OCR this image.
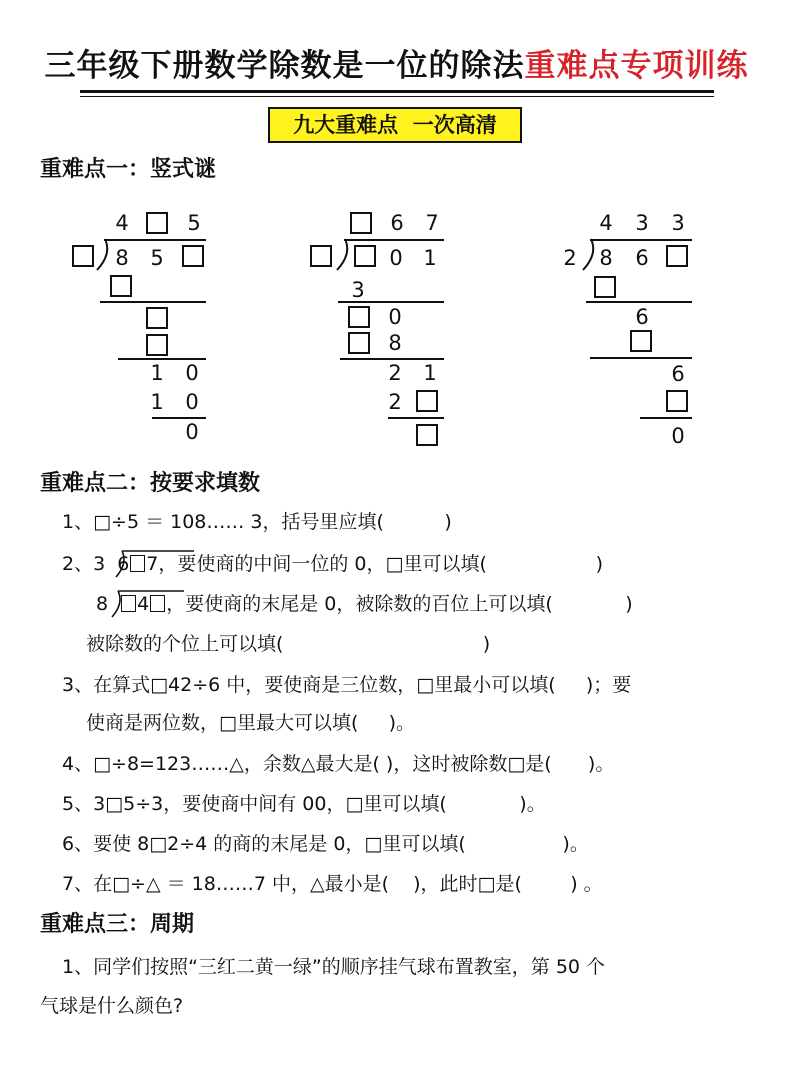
三年级下册数学除数是一位的除法重难点专项训练
九大重难点  一次高清
重难点一：竖式谜
4	5
8 5
1 0
1 0
0
6 7
0 1
3
0
8
2 1
2
4 3 3
2 8 6
6
6
0
重难点二：按要求填数
1、□÷5 ＝ 108…… 3，括号里应填(          )
2、3 6 7，要使商的中间一位的 0，□里可以填(                  )
8 4 ，要使商的末尾是 0，被除数的百位上可以填(            )
被除数的个位上可以填(                                 )
3、在算式□42÷6 中，要使商是三位数，□里最小可以填(     )；要
使商是两位数，□里最大可以填(     )。
4、□÷8=123……△，余数△最大是( )，这时被除数□是(      )。
5、3□5÷3，要使商中间有 00，□里可以填(            )。
6、要使 8□2÷4 的商的末尾是 0，□里可以填(                )。
7、在□÷△ ＝ 18……7 中，△最小是(    )，此时□是(        ) 。
重难点三：周期
1、同学们按照“三红二黄一绿”的顺序挂气球布置教室，第 50 个
气球是什么颜色?
